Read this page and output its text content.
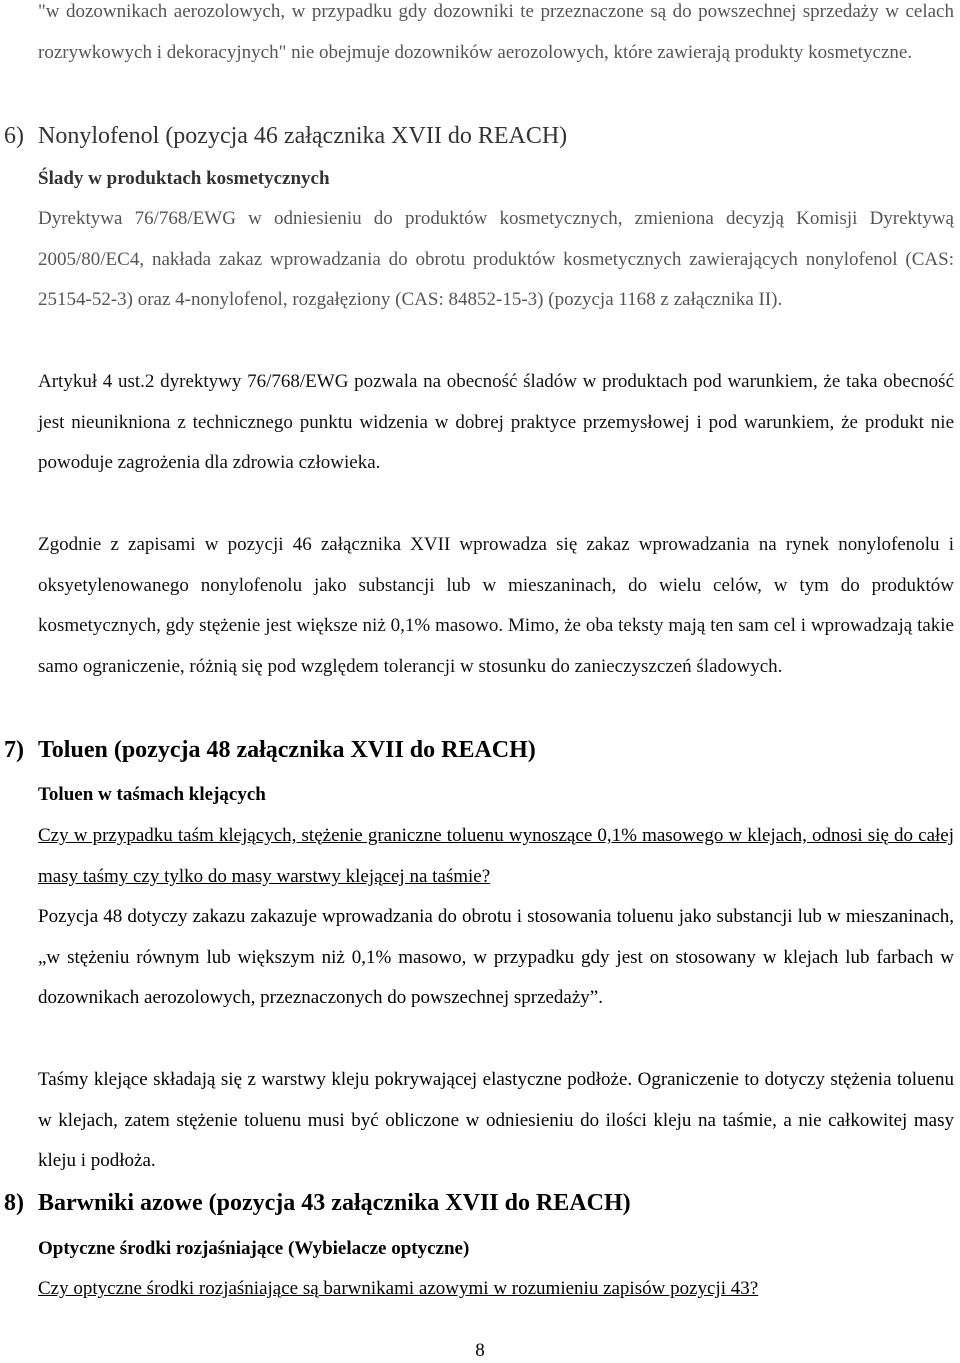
"w dozownikach aerozolowych, w przypadku gdy dozowniki te przeznaczone są do powszechnej sprzedaży w celach rozrywkowych i dekoracyjnych" nie obejmuje dozowników aerozolowych, które zawierają produkty kosmetyczne.

6) Nonylofenol (pozycja 46 załącznika XVII do REACH)
Ślady w produktach kosmetycznych

Dyrektywa 76/768/EWG w odniesieniu do produktów kosmetycznych, zmieniona decyzją Komisji Dyrektywą 2005/80/EC4, nakłada zakaz wprowadzania do obrotu produktów kosmetycznych zawierających nonylofenol (CAS: 25154-52-3) oraz 4-nonylofenol, rozgałęziony (CAS: 84852-15-3) (pozycja 1168 z załącznika II).

Artykuł 4 ust.2 dyrektywy 76/768/EWG pozwala na obecność śladów w produktach pod warunkiem, że taka obecność jest nieunikniona z technicznego punktu widzenia w dobrej praktyce przemysłowej i pod warunkiem, że produkt nie powoduje zagrożenia dla zdrowia człowieka.

Zgodnie z zapisami w pozycji 46 załącznika XVII wprowadza się zakaz wprowadzania na rynek nonylofenolu i oksyetylenowanego nonylofenolu jako substancji lub w mieszaninach, do wielu celów, w tym do produktów kosmetycznych, gdy stężenie jest większe niż 0,1% masowo. Mimo, że oba teksty mają ten sam cel i wprowadzają takie samo ograniczenie, różnią się pod względem tolerancji w stosunku do zanieczyszczeń śladowych.

7) Toluen (pozycja 48 załącznika XVII do REACH)
Toluen w taśmach klejących

Czy w przypadku taśm klejących, stężenie graniczne toluenu wynoszące 0,1% masowego w klejach, odnosi się do całej masy taśmy czy tylko do masy warstwy klejącej na taśmie?

Pozycja 48 dotyczy zakazu zakazuje wprowadzania do obrotu i stosowania toluenu jako substancji lub w mieszaninach, „w stężeniu równym lub większym niż 0,1% masowo, w przypadku gdy jest on stosowany w klejach lub farbach w dozownikach aerozolowych, przeznaczonych do powszechnej sprzedaży”.

Taśmy klejące składają się z warstwy kleju pokrywającej elastyczne podłoże. Ograniczenie to dotyczy stężenia toluenu w klejach, zatem stężenie toluenu musi być obliczone w odniesieniu do ilości kleju na taśmie, a nie całkowitej masy kleju i podłoża.

8) Barwniki azowe (pozycja 43 załącznika XVII do REACH)
Optyczne środki rozjaśniające (Wybielacze optyczne)

Czy optyczne środki rozjaśniające są barwnikami azowymi w rozumieniu zapisów pozycji 43?

8
